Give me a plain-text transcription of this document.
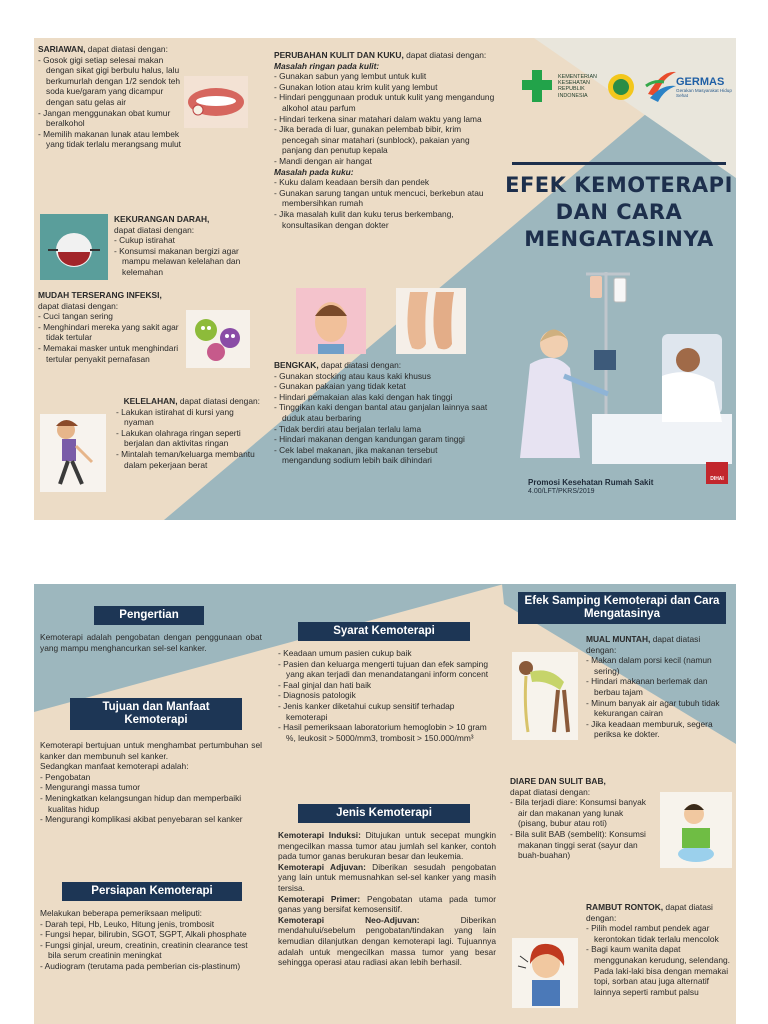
SARIAWAN, dapat diatasi dengan:

- Gosok gigi setiap selesai makan dengan sikat gigi berbulu halus, lalu berkumurlah dengan 1/2 sendok teh soda kue/garam yang dicampur dengan satu gelas air
- Jangan menggunakan obat kumur beralkohol
- Memilih makanan lunak atau lembek yang tidak terlalu merangsang mulut

KEKURANGAN DARAH,

dapat diatasi dengan:

- Cukup istirahat
- Konsumsi makanan bergizi agar mampu melawan kelelahan dan kelemahan

MUDAH TERSERANG INFEKSI, dapat diatasi dengan:

- Cuci tangan sering
- Menghindari mereka yang sakit agar tidak tertular
- Memakai masker untuk menghindari tertular penyakit pernafasan

KELELAHAN, dapat diatasi dengan:

- Lakukan istirahat di kursi yang nyaman
- Lakukan olahraga ringan seperti berjalan dan aktivitas ringan
- Mintalah teman/keluarga membantu dalam pekerjaan berat

PERUBAHAN KULIT DAN KUKU, dapat diatasi dengan:

Masalah ringan pada kulit:

- Gunakan sabun yang lembut untuk kulit
- Gunakan lotion atau krim kulit yang lembut
- Hindari penggunaan produk untuk kulit yang mengandung alkohol atau parfum
- Hindari terkena sinar matahari dalam waktu yang lama
- Jika berada di luar, gunakan pelembab bibir, krim pencegah sinar matahari (sunblock), pakaian yang panjang dan penutup kepala
- Mandi dengan air hangat

Masalah pada kuku:

- Kuku dalam keadaan bersih dan pendek
- Gunakan sarung tangan untuk mencuci, berkebun atau membersihkan rumah
- Jika masalah kulit dan kuku terus berkembang, konsultasikan dengan dokter

BENGKAK, dapat diatasi dengan:

- Gunakan stocking atau kaus kaki khusus
- Gunakan pakaian yang tidak ketat
- Hindari pemakaian alas kaki dengan hak tinggi
- Tinggikan kaki dengan bantal atau ganjalan lainnya saat duduk atau berbaring
- Tidak berdiri atau berjalan terlalu lama
- Hindari makanan dengan kandungan garam tinggi
- Cek label makanan, jika makanan tersebut mengandung sodium lebih baik dihindari
KEMENTERIAN KESEHATAN REPUBLIK INDONESIA
GERMAS
Gerakan Masyarakat Hidup Sehat
EFEK KEMOTERAPI
DAN CARA
MENGATASINYA
Promosi Kesehatan Rumah Sakit
4.00/LFT/PKRS/2019
DIHAI
Pengertian
Kemoterapi adalah pengobatan dengan penggunaan obat yang mampu menghancurkan sel-sel kanker.
Tujuan dan Manfaat Kemoterapi

Kemoterapi bertujuan untuk menghambat pertumbuhan sel kanker dan membunuh sel kanker.

Sedangkan manfaat kemoterapi adalah:

- Pengobatan
- Mengurangi massa tumor
- Meningkatkan kelangsungan hidup dan memperbaiki kualitas hidup
- Mengurangi komplikasi akibat penyebaran sel kanker
Persiapan Kemoterapi

Melakukan beberapa pemeriksaan meliputi:

- Darah tepi, Hb, Leuko, Hitung jenis, trombosit
- Fungsi hepar, bilirubin, SGOT, SGPT, Alkali phosphate
- Fungsi ginjal, ureum, creatinin, creatinin clearance test bila serum creatinin meningkat
- Audiogram (terutama pada pemberian cis-plastinum)
Syarat Kemoterapi
- Keadaan umum pasien cukup baik
- Pasien dan keluarga mengerti tujuan dan efek samping yang akan terjadi dan menandatangani inform concent
- Faal ginjal dan hati baik
- Diagnosis patologik
- Jenis kanker diketahui cukup sensitif terhadap kemoterapi
- Hasil pemeriksaan laboratorium hemoglobin > 10 gram %, leukosit > 5000/mm3, trombosit > 150.000/mm³
Jenis Kemoterapi

Kemoterapi Induksi: Ditujukan untuk secepat mungkin mengecilkan massa tumor atau jumlah sel kanker, contoh pada tumor ganas berukuran besar dan leukemia.

Kemoterapi Adjuvan: Diberikan sesudah pengobatan yang lain untuk memusnahkan sel-sel kanker yang masih tersisa.

Kemoterapi Primer: Pengobatan utama pada tumor ganas yang bersifat kemosensitif.

Kemoterapi Neo-Adjuvan:	Diberikan mendahului/sebelum pengobatan/tindakan yang lain kemudian dilanjutkan dengan kemoterapi lagi. Tujuannya adalah untuk mengecilkan massa tumor yang besar sehingga operasi atau radiasi akan lebih berhasil.

Efek Samping Kemoterapi dan Cara Mengatasinya

MUAL MUNTAH, dapat diatasi dengan:

- Makan dalam porsi kecil (namun sering)
- Hindari makanan berlemak dan berbau tajam
- Minum banyak air agar tubuh tidak kekurangan cairan
- Jika keadaan memburuk, segera periksa ke dokter.

DIARE DAN SULIT BAB,

dapat diatasi dengan:

- Bila terjadi diare: Konsumsi banyak air dan makanan yang lunak (pisang, bubur atau roti)
- Bila sulit BAB (sembelit): Konsumsi makanan tinggi serat (sayur dan buah-buahan)

RAMBUT RONTOK, dapat diatasi dengan:

- Pilih model rambut pendek agar kerontokan tidak terlalu mencolok
- Bagi kaum wanita dapat menggunakan kerudung, selendang. Pada laki-laki bisa dengan memakai topi, sorban atau juga alternatif lainnya seperti rambut palsu
